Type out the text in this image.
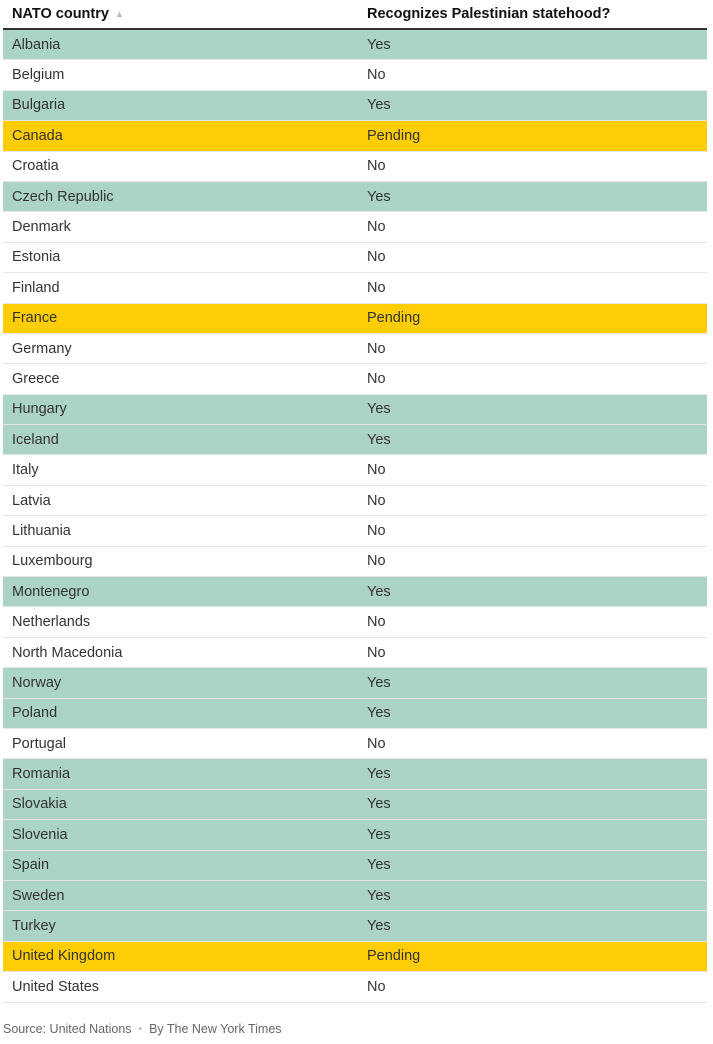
NATO country ▲	Recognizes Palestinian statehood?
Albania	Yes
Belgium	No
Bulgaria	Yes
Canada	Pending
Croatia	No
Czech Republic	Yes
Denmark	No
Estonia	No
Finland	No
France	Pending
Germany	No
Greece	No
Hungary	Yes
Iceland	Yes
Italy	No
Latvia	No
Lithuania	No
Luxembourg	No
Montenegro	Yes
Netherlands	No
North Macedonia	No
Norway	Yes
Poland	Yes
Portugal	No
Romania	Yes
Slovakia	Yes
Slovenia	Yes
Spain	Yes
Sweden	Yes
Turkey	Yes
United Kingdom	Pending
United States	No
Source: United Nations • By The New York Times
